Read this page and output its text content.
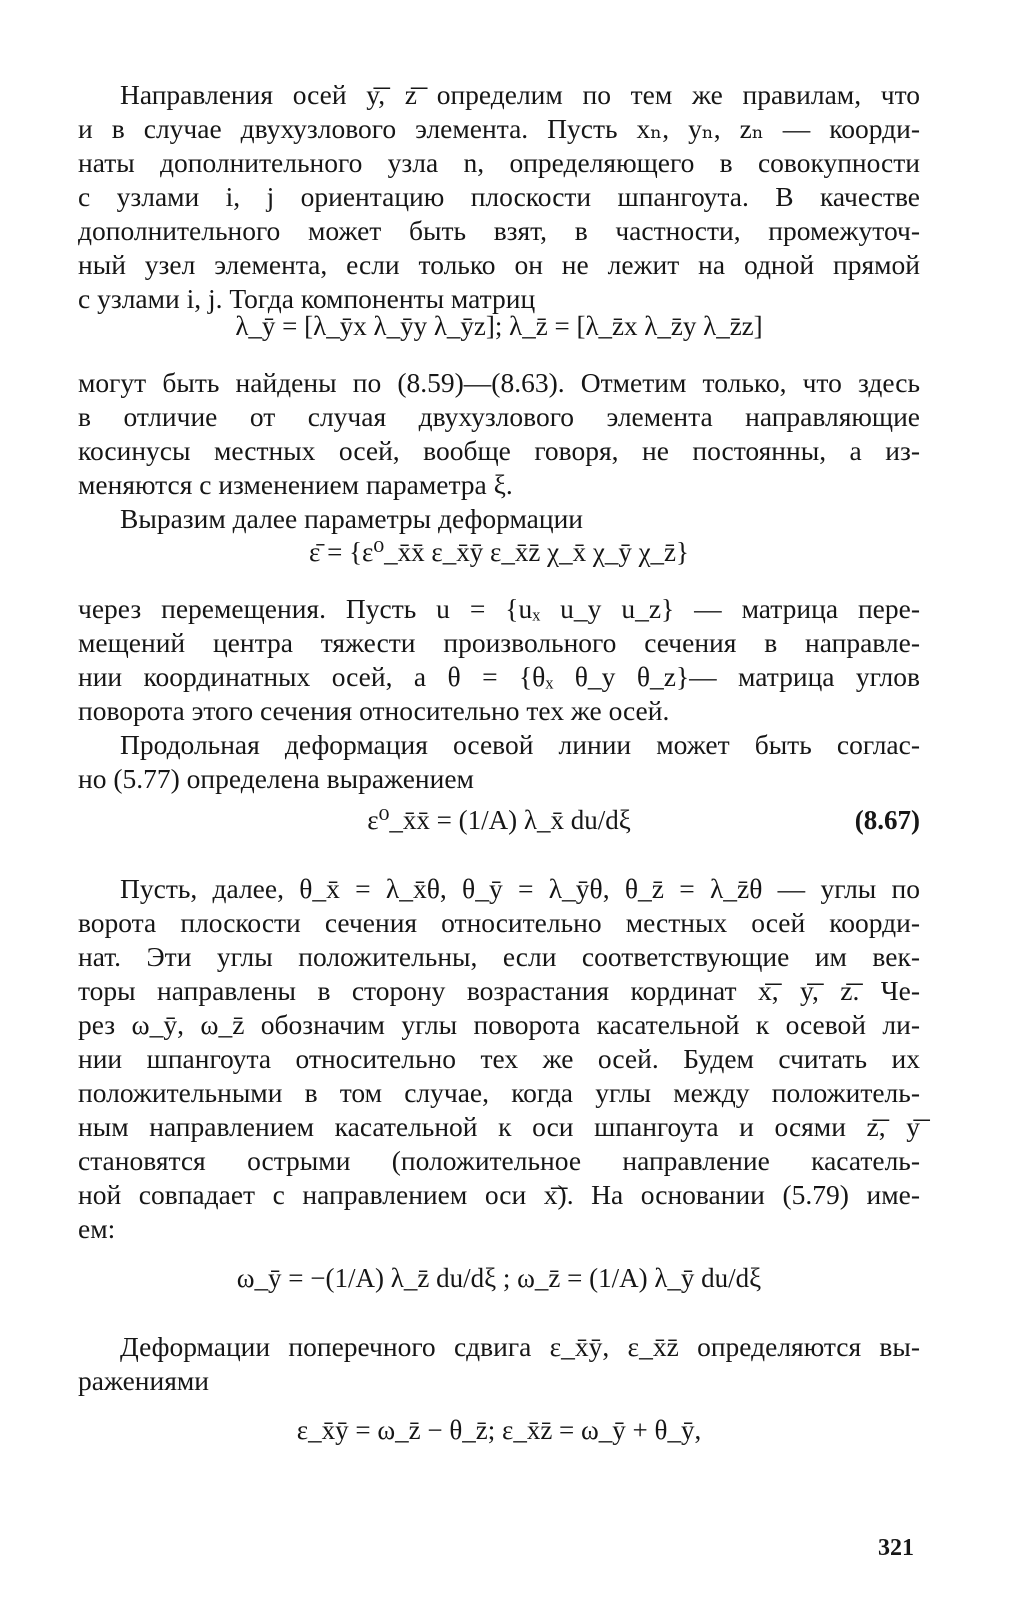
Направления осей y͞, z͞ определим по тем же правилам, что
и в случае двухузлового элемента. Пусть xₙ, yₙ, zₙ — коорди-
наты дополнительного узла n, определяющего в совокупности
с узлами i, j ориентацию плоскости шпангоута. В качестве
дополнительного может быть взят, в частности, промежуточ-
ный узел элемента, если только он не лежит на одной прямой
с узлами i, j. Тогда компоненты матриц
λ_ȳ = [λ_ȳx λ_ȳy λ_ȳz]; λ_z̄ = [λ_z̄x λ_z̄y λ_z̄z]
могут быть найдены по (8.59)—(8.63). Отметим только, что здесь
в отличие от случая двухузлового элемента направляющие
косинусы местных осей, вообще говоря, не постоянны, а из-
меняются с изменением параметра ξ.
Выразим далее параметры деформации
ε̄ = {ε⁰_x̄x̄ ε_x̄ȳ ε_x̄z̄ χ_x̄ χ_ȳ χ_z̄}
через перемещения. Пусть u = {uₓ u_y u_z} — матрица пере-
мещений центра тяжести произвольного сечения в направле-
нии координатных осей, а θ = {θₓ θ_y θ_z}— матрица углов
поворота этого сечения относительно тех же осей.
Продольная деформация осевой линии может быть соглас-
но (5.77) определена выражением
ε⁰_x̄x̄ = (1/A) λ_x̄ du/dξ	(8.67)
Пусть, далее, θ_x̄ = λ_x̄θ, θ_ȳ = λ_ȳθ, θ_z̄ = λ_z̄θ — углы по
ворота плоскости сечения относительно местных осей коорди-
нат. Эти углы положительны, если соответствующие им век-
торы направлены в сторону возрастания кординат x͞, y͞, z͞. Че-
рез ω_ȳ, ω_z̄ обозначим углы поворота касательной к осевой ли-
нии шпангоута относительно тех же осей. Будем считать их
положительными в том случае, когда углы между положитель-
ным направлением касательной к оси шпангоута и осями z͞, y͞
становятся острыми (положительное направление касатель-
ной совпадает с направлением оси x͞). На основании (5.79) име-
ем:
ω_ȳ = −(1/A) λ_z̄ du/dξ ; ω_z̄ = (1/A) λ_ȳ du/dξ
Деформации поперечного сдвига ε_x̄ȳ, ε_x̄z̄ определяются вы-
ражениями
ε_x̄ȳ = ω_z̄ − θ_z̄; ε_x̄z̄ = ω_ȳ + θ_ȳ,
321
